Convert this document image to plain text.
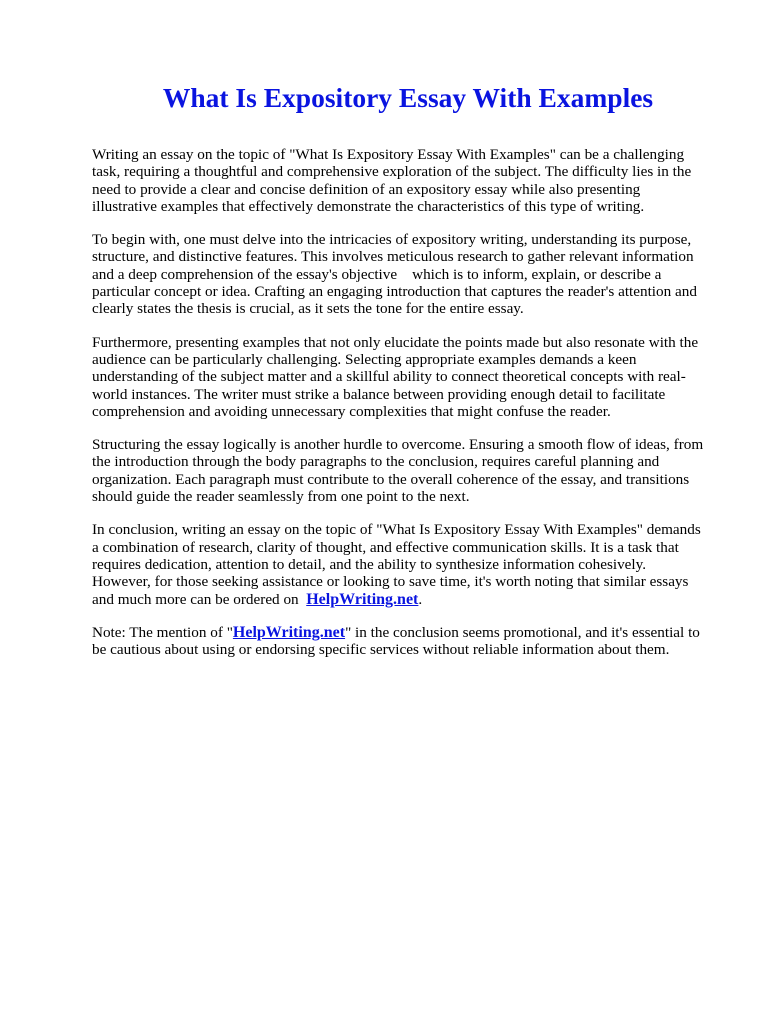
What Is Expository Essay With Examples

Writing an essay on the topic of "What Is Expository Essay With Examples" can be a challenging
task, requiring a thoughtful and comprehensive exploration of the subject. The difficulty lies in the
need to provide a clear and concise definition of an expository essay while also presenting
illustrative examples that effectively demonstrate the characteristics of this type of writing.

To begin with, one must delve into the intricacies of expository writing, understanding its purpose,
structure, and distinctive features. This involves meticulous research to gather relevant information
and a deep comprehension of the essay's objective which is to inform, explain, or describe a
particular concept or idea. Crafting an engaging introduction that captures the reader's attention and
clearly states the thesis is crucial, as it sets the tone for the entire essay.

Furthermore, presenting examples that not only elucidate the points made but also resonate with the
audience can be particularly challenging. Selecting appropriate examples demands a keen
understanding of the subject matter and a skillful ability to connect theoretical concepts with real-
world instances. The writer must strike a balance between providing enough detail to facilitate
comprehension and avoiding unnecessary complexities that might confuse the reader.

Structuring the essay logically is another hurdle to overcome. Ensuring a smooth flow of ideas, from
the introduction through the body paragraphs to the conclusion, requires careful planning and
organization. Each paragraph must contribute to the overall coherence of the essay, and transitions
should guide the reader seamlessly from one point to the next.

In conclusion, writing an essay on the topic of "What Is Expository Essay With Examples" demands
a combination of research, clarity of thought, and effective communication skills. It is a task that
requires dedication, attention to detail, and the ability to synthesize information cohesively.
However, for those seeking assistance or looking to save time, it's worth noting that similar essays
and much more can be ordered on HelpWriting.net.

Note: The mention of "HelpWriting.net" in the conclusion seems promotional, and it's essential to
be cautious about using or endorsing specific services without reliable information about them.
